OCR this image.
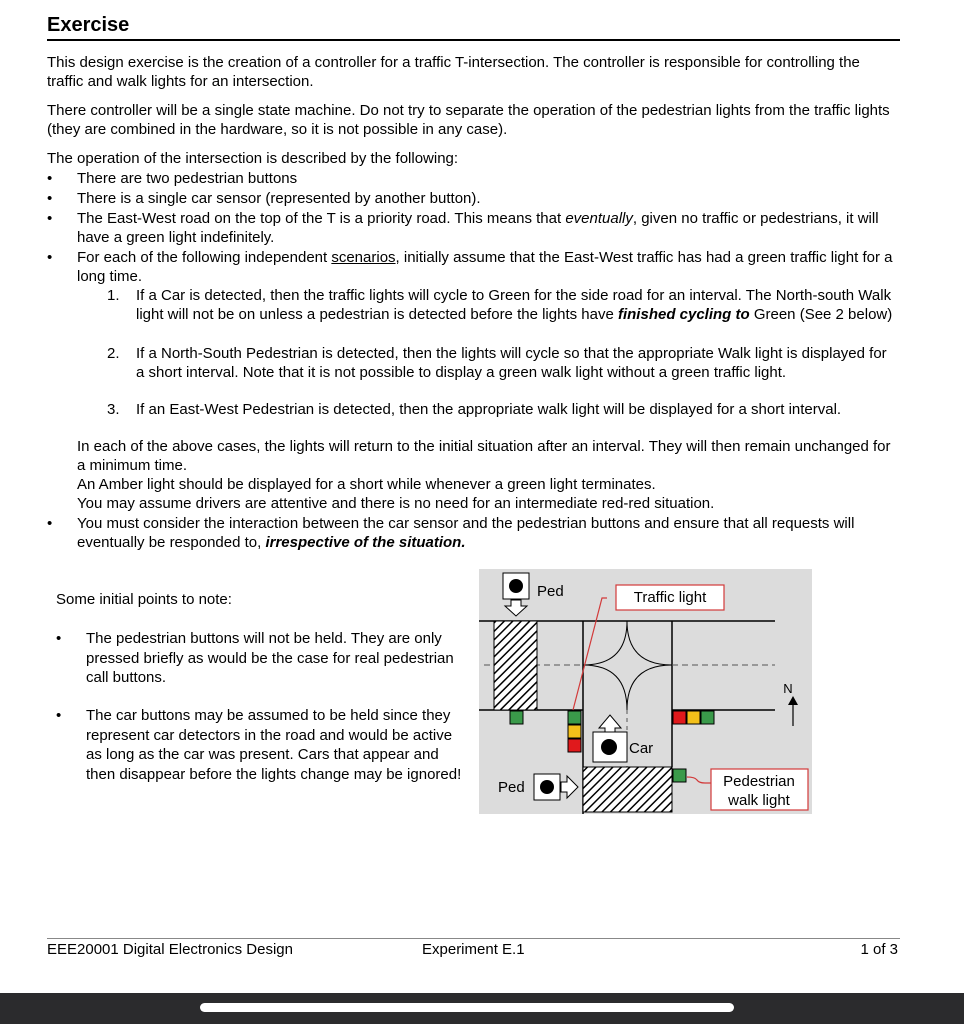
Exercise

This design exercise is the creation of a controller for a traffic T-intersection. The controller is responsible for controlling the traffic and walk lights for an intersection.

There controller will be a single state machine. Do not try to separate the operation of the pedestrian lights from the traffic lights (they are combined in the hardware, so it is not possible in any case).

The operation of the intersection is described by the following:

• There are two pedestrian buttons
• There is a single car sensor (represented by another button).
• The East-West road on the top of the T is a priority road. This means that eventually, given no traffic or pedestrians, it will have a green light indefinitely.
• For each of the following independent scenarios, initially assume that the East-West traffic has had a green traffic light for a long time.
1. If a Car is detected, then the traffic lights will cycle to Green for the side road for an interval. The North-south Walk light will not be on unless a pedestrian is detected before the lights have finished cycling to Green (See 2 below)
2. If a North-South Pedestrian is detected, then the lights will cycle so that the appropriate Walk light is displayed for a short interval. Note that it is not possible to display a green walk light without a green traffic light.
3. If an East-West Pedestrian is detected, then the appropriate walk light will be displayed for a short interval.
In each of the above cases, the lights will return to the initial situation after an interval. They will then remain unchanged for a minimum time.
An Amber light should be displayed for a short while whenever a green light terminates.
You may assume drivers are attentive and there is no need for an intermediate red-red situation.
• You must consider the interaction between the car sensor and the pedestrian buttons and ensure that all requests will eventually be responded to, irrespective of the situation.
Some initial points to note:
• The pedestrian buttons will not be held. They are only pressed briefly as would be the case for real pedestrian call buttons.
• The car buttons may be assumed to be held since they represent car detectors in the road and would be active as long as the car was present. Cars that appear and then disappear before the lights change may be ignored!
Ped
Ped
Car
Traffic light
Pedestrian
walk light
N
EEE20001 Digital Electronics Design	Experiment E.1	1 of 3
